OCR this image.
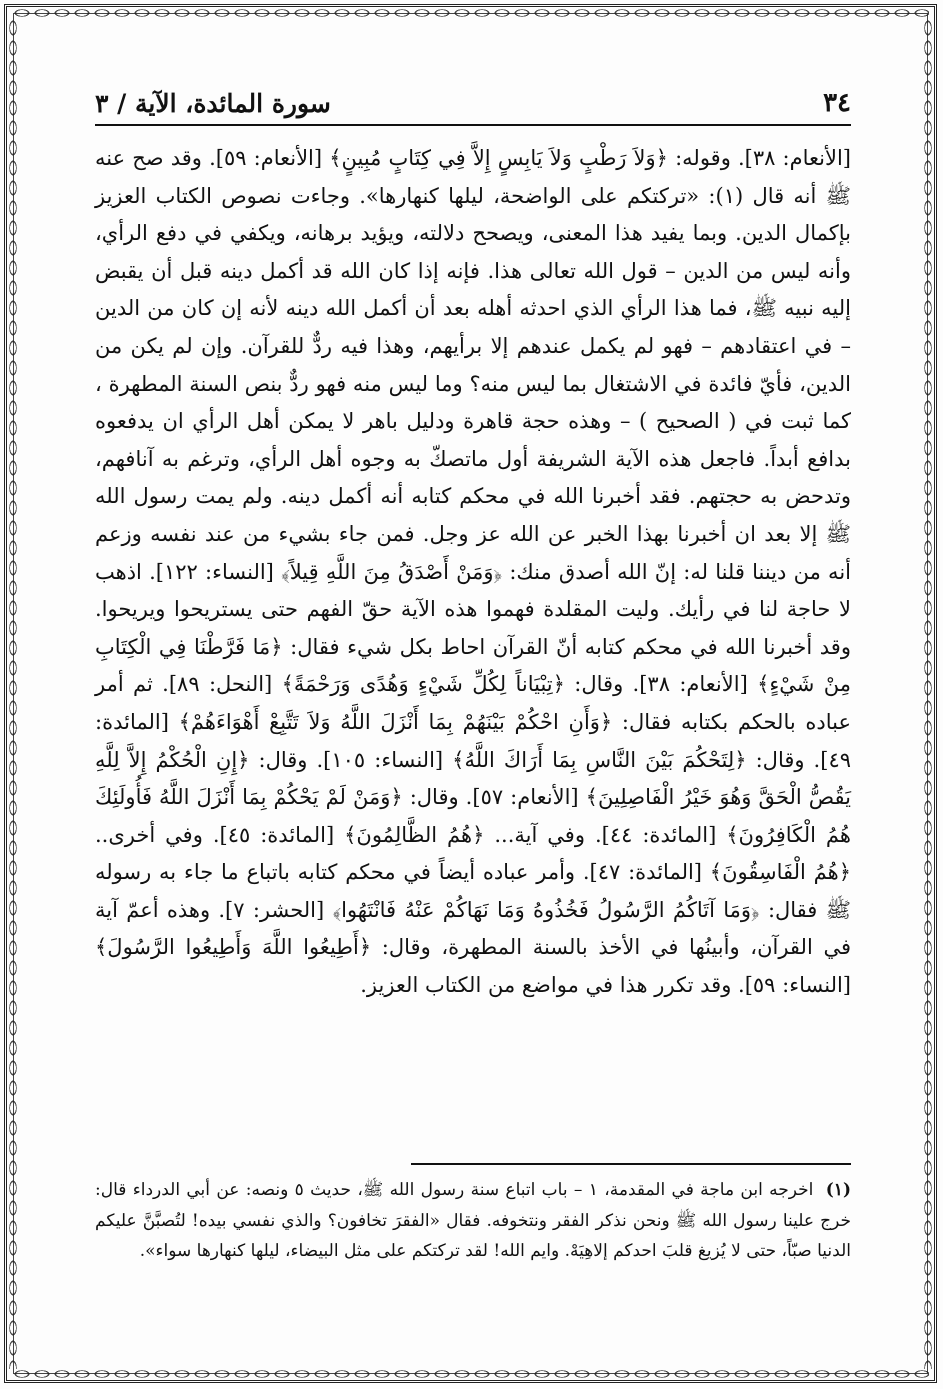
٣٤
سورة المائدة، الآية / ٣

[الأنعام: ٣٨]. وقوله: ﴿وَلاَ رَطْبٍ وَلاَ يَابِسٍ إِلاَّ فِي كِتَابٍ مُبِينٍ﴾ [الأنعام: ٥٩]. وقد صح عنه ﷺ أنه قال (١): «تركتكم على الواضحة، ليلها كنهارها». وجاءت نصوص الكتاب العزيز بإكمال الدين. وبما يفيد هذا المعنى، ويصحح دلالته، ويؤيد برهانه، ويكفي في دفع الرأي، وأنه ليس من الدين – قول الله تعالى هذا. فإنه إذا كان الله قد أكمل دينه قبل أن يقبض إليه نبيه ﷺ، فما هذا الرأي الذي احدثه أهله بعد أن أكمل الله دينه لأنه إن كان من الدين – في اعتقادهم – فهو لم يكمل عندهم إلا برأيهم، وهذا فيه ردٌّ للقرآن. وإن لم يكن من الدين، فأيّ فائدة في الاشتغال بما ليس منه؟ وما ليس منه فهو ردٌّ بنص السنة المطهرة ، كما ثبت في ( الصحيح ) – وهذه حجة قاهرة ودليل باهر لا يمكن أهل الرأي ان يدفعوه بدافع أبداً. فاجعل هذه الآية الشريفة أول ماتصكّ به وجوه أهل الرأي، وترغم به آنافهم، وتدحض به حجتهم. فقد أخبرنا الله في محكم كتابه أنه أكمل دينه. ولم يمت رسول الله ﷺ إلا بعد ان أخبرنا بهذا الخبر عن الله عز وجل. فمن جاء بشيء من عند نفسه وزعم أنه من ديننا قلنا له: إنّ الله أصدق منك: ﴿وَمَنْ أَصْدَقُ مِنَ اللَّهِ قِيلاً﴾ [النساء: ١٢٢]. اذهب لا حاجة لنا في رأيك. وليت المقلدة فهموا هذه الآية حقّ الفهم حتى يستريحوا ويريحوا. وقد أخبرنا الله في محكم كتابه أنّ القرآن احاط بكل شيء فقال: ﴿مَا فَرَّطْنَا فِي الْكِتَابِ مِنْ شَيْءٍ﴾ [الأنعام: ٣٨]. وقال: ﴿تِبْيَاناً لِكُلِّ شَيْءٍ وَهُدًى وَرَحْمَةً﴾ [النحل: ٨٩]. ثم أمر عباده بالحكم بكتابه فقال: ﴿وَأَنِ احْكُمْ بَيْنَهُمْ بِمَا أَنْزَلَ اللَّهُ وَلاَ تَتَّبِعْ أَهْوَاءَهُمْ﴾ [المائدة: ٤٩]. وقال: ﴿لِتَحْكُمَ بَيْنَ النَّاسِ بِمَا أَرَاكَ اللَّهُ﴾ [النساء: ١٠٥]. وقال: ﴿إِنِ الْحُكْمُ إِلاَّ لِلَّهِ يَقُصُّ الْحَقَّ وَهُوَ خَيْرُ الْفَاصِلِينَ﴾ [الأنعام: ٥٧]. وقال: ﴿وَمَنْ لَمْ يَحْكُمْ بِمَا أَنْزَلَ اللَّهُ فَأُولَئِكَ هُمُ الْكَافِرُونَ﴾ [المائدة: ٤٤]. وفي آية... ﴿هُمُ الظَّالِمُونَ﴾ [المائدة: ٤٥]. وفي أخرى.. ﴿هُمُ الْفَاسِقُونَ﴾ [المائدة: ٤٧]. وأمر عباده أيضاً في محكم كتابه باتباع ما جاء به رسوله ﷺ فقال: ﴿وَمَا آتَاكُمُ الرَّسُولُ فَخُذُوهُ وَمَا نَهَاكُمْ عَنْهُ فَانْتَهُوا﴾ [الحشر: ٧]. وهذه أعمّ آية في القرآن، وأبينُها في الأخذ بالسنة المطهرة، وقال: ﴿أَطِيعُوا اللَّهَ وَأَطِيعُوا الرَّسُولَ﴾ [النساء: ٥٩]. وقد تكرر هذا في مواضع من الكتاب العزيز.

(١) اخرجه ابن ماجة في المقدمة، ١ – باب اتباع سنة رسول الله ﷺ، حديث ٥ ونصه: عن أبي الدرداء قال: خرج علينا رسول الله ﷺ ونحن نذكر الفقر ونتخوفه. فقال «الفقرَ تخافون؟ والذي نفسي بيده! لتُصبَّنَّ عليكم الدنيا صبّاً، حتى لا يُزيغ قلبَ احدكم إلاهِيَهْ. وايم الله! لقد تركتكم على مثل البيضاء، ليلها كنهارها سواء».
